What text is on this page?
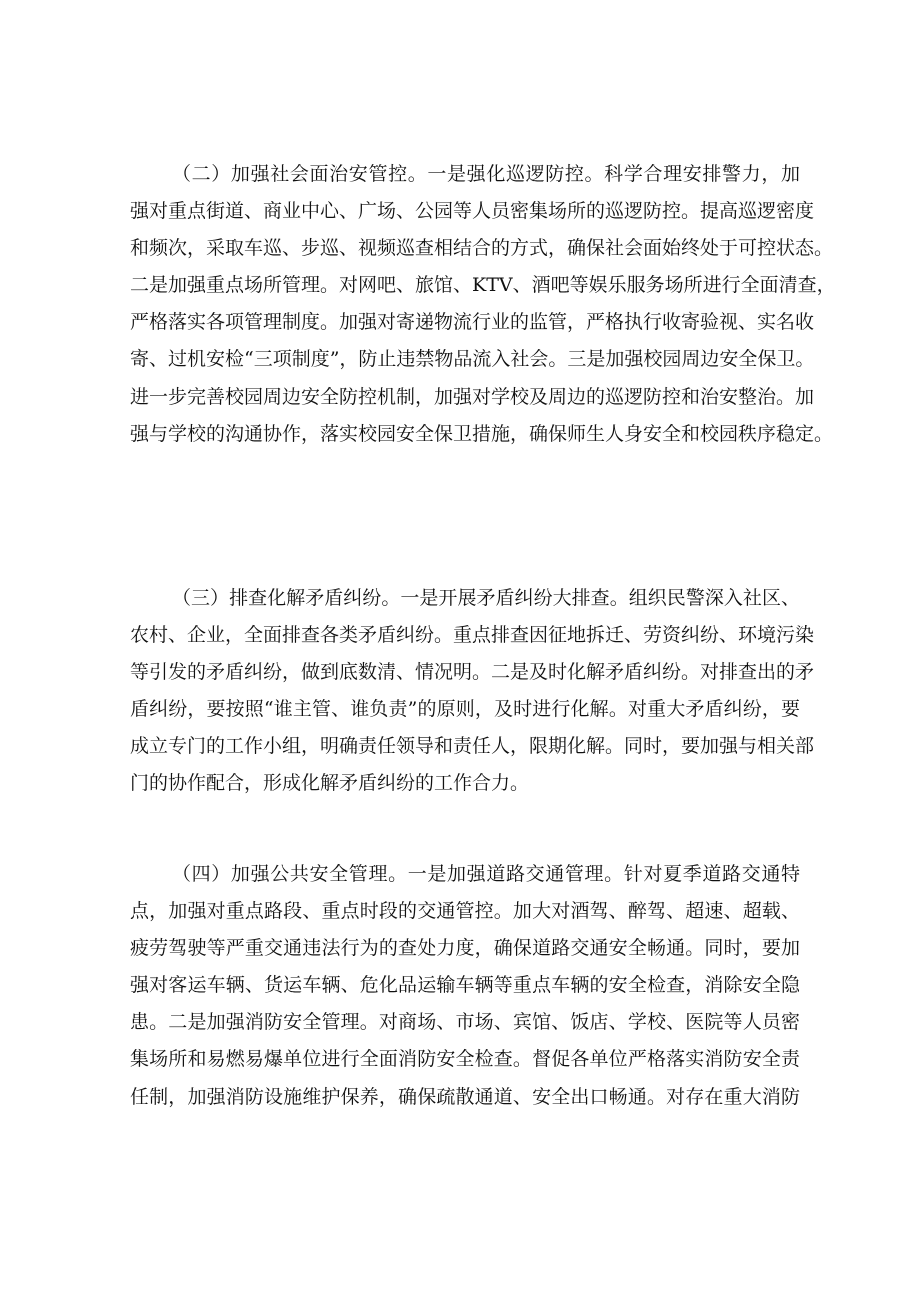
（二）加强社会面治安管控。一是强化巡逻防控。科学合理安排警力，加
强对重点街道、商业中心、广场、公园等人员密集场所的巡逻防控。提高巡逻密度
和频次，采取车巡、步巡、视频巡查相结合的方式，确保社会面始终处于可控状态。
二是加强重点场所管理。对网吧、旅馆、KTV、酒吧等娱乐服务场所进行全面清查，
严格落实各项管理制度。加强对寄递物流行业的监管，严格执行收寄验视、实名收
寄、过机安检“三项制度”，防止违禁物品流入社会。三是加强校园周边安全保卫。
进一步完善校园周边安全防控机制，加强对学校及周边的巡逻防控和治安整治。加
强与学校的沟通协作，落实校园安全保卫措施，确保师生人身安全和校园秩序稳定。
（三）排查化解矛盾纠纷。一是开展矛盾纠纷大排查。组织民警深入社区、
农村、企业，全面排查各类矛盾纠纷。重点排查因征地拆迁、劳资纠纷、环境污染
等引发的矛盾纠纷，做到底数清、情况明。二是及时化解矛盾纠纷。对排查出的矛
盾纠纷，要按照“谁主管、谁负责”的原则，及时进行化解。对重大矛盾纠纷，要
成立专门的工作小组，明确责任领导和责任人，限期化解。同时，要加强与相关部
门的协作配合，形成化解矛盾纠纷的工作合力。
（四）加强公共安全管理。一是加强道路交通管理。针对夏季道路交通特
点，加强对重点路段、重点时段的交通管控。加大对酒驾、醉驾、超速、超载、
疲劳驾驶等严重交通违法行为的查处力度，确保道路交通安全畅通。同时，要加
强对客运车辆、货运车辆、危化品运输车辆等重点车辆的安全检查，消除安全隐
患。二是加强消防安全管理。对商场、市场、宾馆、饭店、学校、医院等人员密
集场所和易燃易爆单位进行全面消防安全检查。督促各单位严格落实消防安全责
任制，加强消防设施维护保养，确保疏散通道、安全出口畅通。对存在重大消防
